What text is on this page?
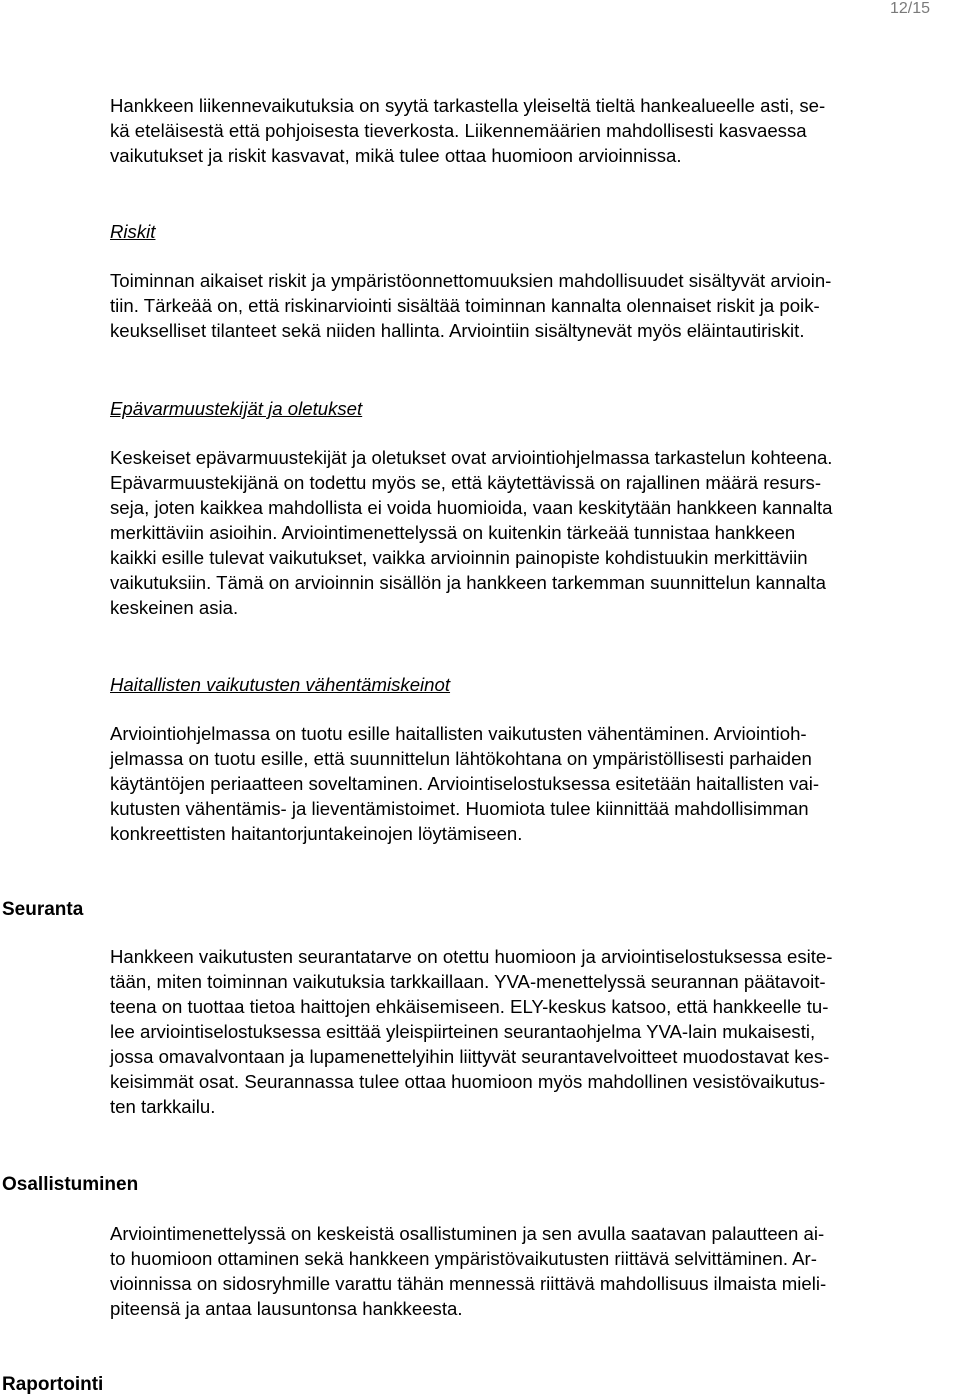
12/15

Hankkeen liikennevaikutuksia on syytä tarkastella yleiseltä tieltä hankealueelle asti, se-
kä eteläisestä että pohjoisesta tieverkosta. Liikennemäärien mahdollisesti kasvaessa
vaikutukset ja riskit kasvavat, mikä tulee ottaa huomioon arvioinnissa.

Riskit

Toiminnan aikaiset riskit ja ympäristöonnettomuuksien mahdollisuudet sisältyvät arvioin-
tiin. Tärkeää on, että riskinarviointi sisältää toiminnan kannalta olennaiset riskit ja poik-
keukselliset tilanteet sekä niiden hallinta. Arviointiin sisältynevät myös eläintautiriskit.

Epävarmuustekijät ja oletukset

Keskeiset epävarmuustekijät ja oletukset ovat arviointiohjelmassa tarkastelun kohteena.
Epävarmuustekijänä on todettu myös se, että käytettävissä on rajallinen määrä resurs-
seja, joten kaikkea mahdollista ei voida huomioida, vaan keskitytään hankkeen kannalta
merkittäviin asioihin. Arviointimenettelyssä on kuitenkin tärkeää tunnistaa hankkeen
kaikki esille tulevat vaikutukset, vaikka arvioinnin painopiste kohdistuukin merkittäviin
vaikutuksiin. Tämä on arvioinnin sisällön ja hankkeen tarkemman suunnittelun kannalta
keskeinen asia.

Haitallisten vaikutusten vähentämiskeinot

Arviointiohjelmassa on tuotu esille haitallisten vaikutusten vähentäminen. Arviointioh-
jelmassa on tuotu esille, että suunnittelun lähtökohtana on ympäristöllisesti parhaiden
käytäntöjen periaatteen soveltaminen. Arviointiselostuksessa esitetään haitallisten vai-
kutusten vähentämis- ja lieventämistoimet. Huomiota tulee kiinnittää mahdollisimman
konkreettisten haitantorjuntakeinojen löytämiseen.

Seuranta

Hankkeen vaikutusten seurantatarve on otettu huomioon ja arviointiselostuksessa esite-
tään, miten toiminnan vaikutuksia tarkkaillaan. YVA-menettelyssä seurannan päätavoit-
teena on tuottaa tietoa haittojen ehkäisemiseen. ELY-keskus katsoo, että hankkeelle tu-
lee arviointiselostuksessa esittää yleispiirteinen seurantaohjelma YVA-lain mukaisesti,
jossa omavalvontaan ja lupamenettelyihin liittyvät seurantavelvoitteet muodostavat kes-
keisimmät osat. Seurannassa tulee ottaa huomioon myös mahdollinen vesistövaikutus-
ten tarkkailu.

Osallistuminen

Arviointimenettelyssä on keskeistä osallistuminen ja sen avulla saatavan palautteen ai-
to huomioon ottaminen sekä hankkeen ympäristövaikutusten riittävä selvittäminen. Ar-
vioinnissa on sidosryhmille varattu tähän mennessä riittävä mahdollisuus ilmaista mieli-
piteensä ja antaa lausuntonsa hankkeesta.

Raportointi
